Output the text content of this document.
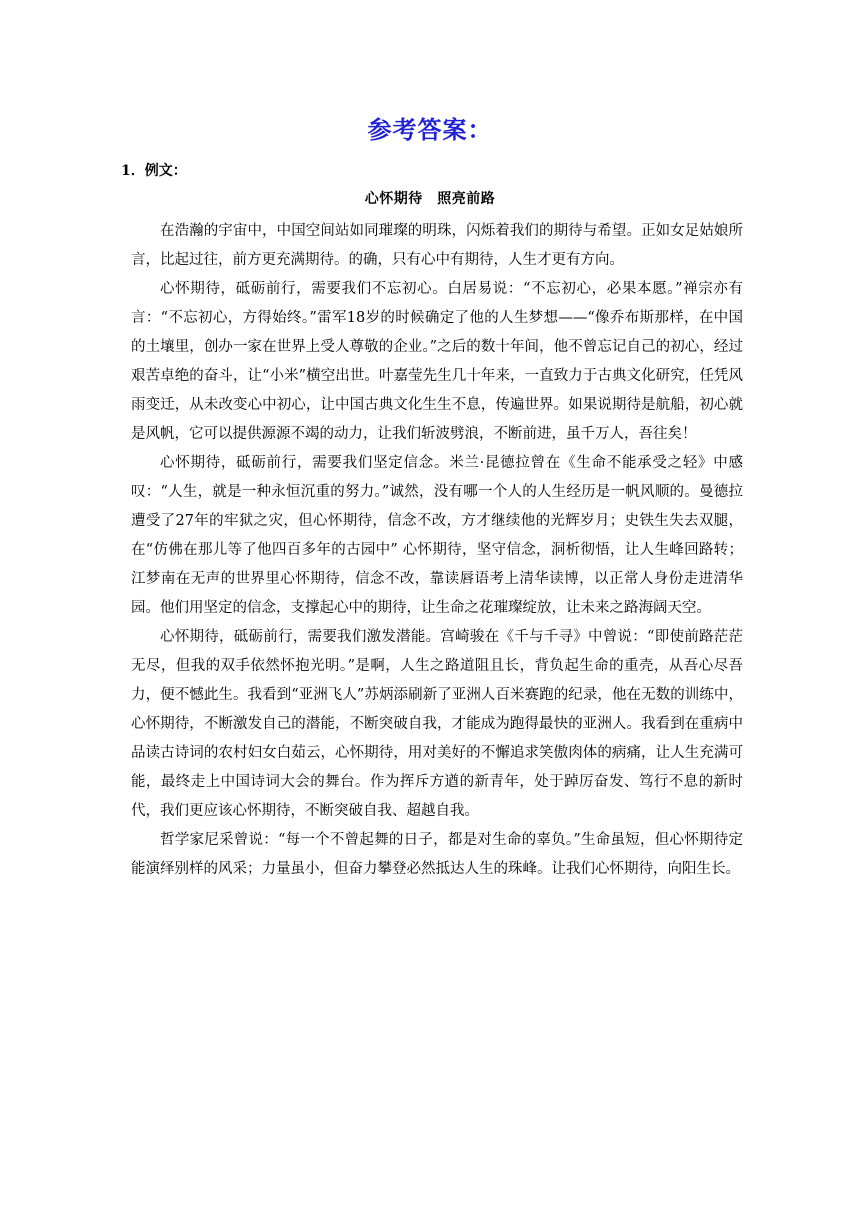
参考答案：
1．例文：
心怀期待　照亮前路

在浩瀚的宇宙中，中国空间站如同璀璨的明珠，闪烁着我们的期待与希望。正如女足姑娘所言，比起过往，前方更充满期待。的确，只有心中有期待，人生才更有方向。

心怀期待，砥砺前行，需要我们不忘初心。白居易说：“不忘初心，必果本愿。”禅宗亦有言：“不忘初心，方得始终。”雷军18岁的时候确定了他的人生梦想——“像乔布斯那样，在中国的土壤里，创办一家在世界上受人尊敬的企业。”之后的数十年间，他不曾忘记自己的初心，经过艰苦卓绝的奋斗，让“小米”横空出世。叶嘉莹先生几十年来，一直致力于古典文化研究，任凭风雨变迁，从未改变心中初心，让中国古典文化生生不息，传遍世界。如果说期待是航船，初心就是风帆，它可以提供源源不竭的动力，让我们斩波劈浪，不断前进，虽千万人，吾往矣！

心怀期待，砥砺前行，需要我们坚定信念。米兰·昆德拉曾在《生命不能承受之轻》中感叹：“人生，就是一种永恒沉重的努力。”诚然，没有哪一个人的人生经历是一帆风顺的。曼德拉遭受了27年的牢狱之灾，但心怀期待，信念不改，方才继续他的光辉岁月；史铁生失去双腿，在“仿佛在那儿等了他四百多年的古园中” 心怀期待，坚守信念，洞析彻悟，让人生峰回路转；江梦南在无声的世界里心怀期待，信念不改，靠读唇语考上清华读博，以正常人身份走进清华园。他们用坚定的信念，支撑起心中的期待，让生命之花璀璨绽放，让未来之路海阔天空。

心怀期待，砥砺前行，需要我们激发潜能。宫崎骏在《千与千寻》中曾说：“即使前路茫茫无尽，但我的双手依然怀抱光明。”是啊，人生之路道阻且长，背负起生命的重壳，从吾心尽吾力，便不憾此生。我看到“亚洲飞人”苏炳添刷新了亚洲人百米赛跑的纪录，他在无数的训练中，心怀期待，不断激发自己的潜能，不断突破自我，才能成为跑得最快的亚洲人。我看到在重病中品读古诗词的农村妇女白茹云，心怀期待，用对美好的不懈追求笑傲肉体的病痛，让人生充满可能，最终走上中国诗词大会的舞台。作为挥斥方遒的新青年，处于踔厉奋发、笃行不息的新时代，我们更应该心怀期待，不断突破自我、超越自我。

哲学家尼采曾说：“每一个不曾起舞的日子，都是对生命的辜负。”生命虽短，但心怀期待定能演绎别样的风采；力量虽小，但奋力攀登必然抵达人生的珠峰。让我们心怀期待，向阳生长。
